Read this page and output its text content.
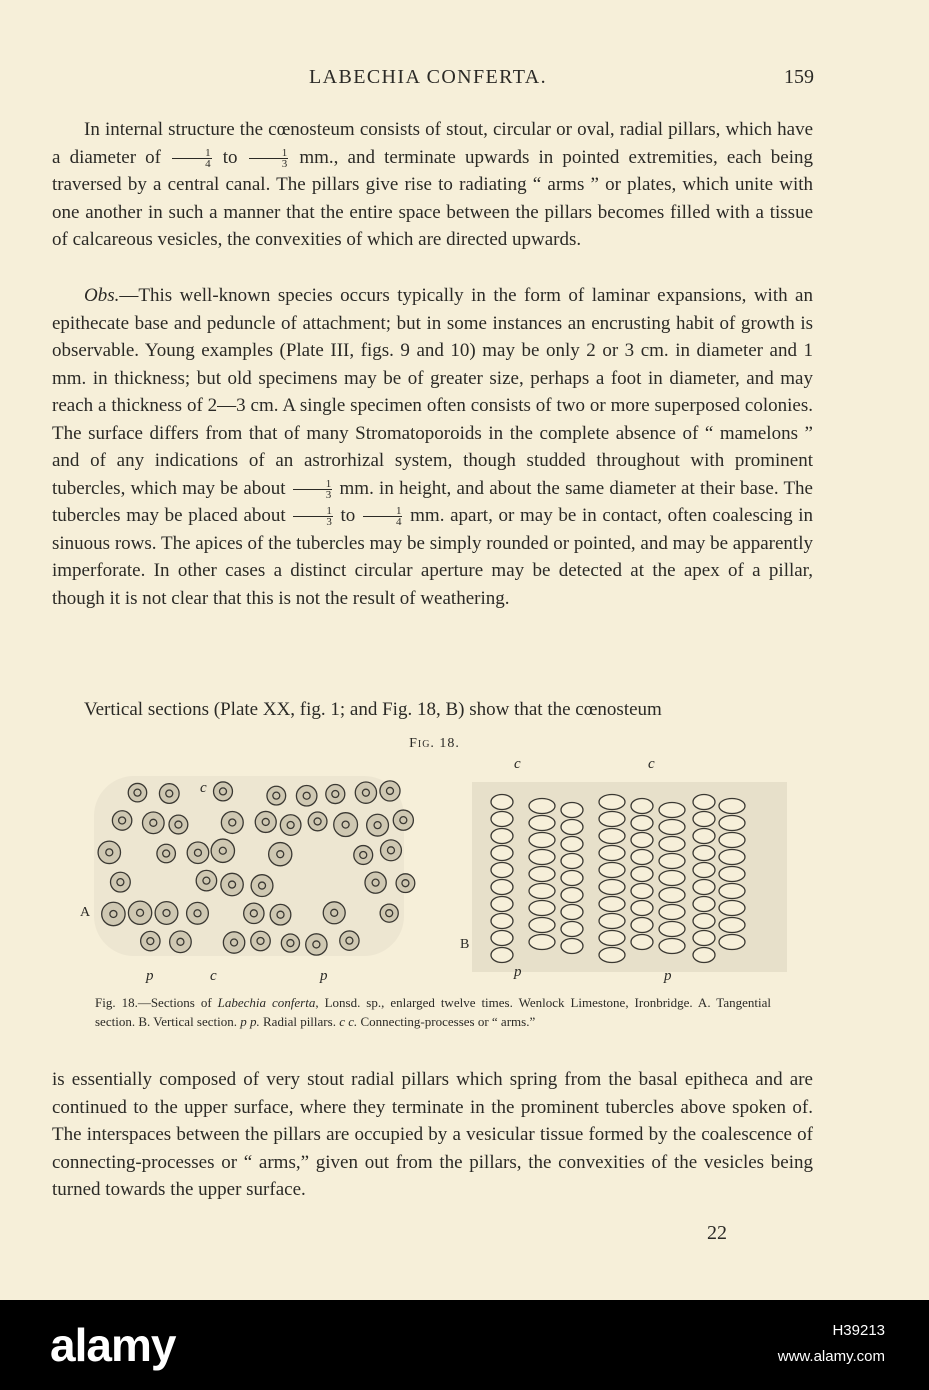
LABECHIA CONFERTA.	159

In internal structure the cœnosteum consists of stout, circular or oval, radial pillars, which have a diameter of $\frac{1}{4}$ to $\frac{1}{3}$ mm., and terminate upwards in pointed extremities, each being traversed by a central canal. The pillars give rise to radiating “ arms ” or plates, which unite with one another in such a manner that the entire space between the pillars becomes filled with a tissue of calcareous vesicles, the convexities of which are directed upwards.

Obs.—This well-known species occurs typically in the form of laminar expansions, with an epithecate base and peduncle of attachment; but in some instances an encrusting habit of growth is observable. Young examples (Plate III, figs. 9 and 10) may be only 2 or 3 cm. in diameter and 1 mm. in thickness; but old specimens may be of greater size, perhaps a foot in diameter, and may reach a thickness of 2—3 cm. A single specimen often consists of two or more superposed colonies. The surface differs from that of many Stromatoporoids in the complete absence of “ mamelons ” and of any indications of an astrorhizal system, though studded throughout with prominent tubercles, which may be about $\frac{1}{3}$ mm. in height, and about the same diameter at their base. The tubercles may be placed about $\frac{1}{3}$ to $\frac{1}{4}$ mm. apart, or may be in contact, often coalescing in sinuous rows. The apices of the tubercles may be simply rounded or pointed, and may be apparently imperforate. In other cases a distinct circular aperture may be detected at the apex of a pillar, though it is not clear that this is not the result of weathering.

Vertical sections (Plate XX, fig. 1; and Fig. 18, B) show that the cœnosteum

Fig. 18.
A
B
c
p	c	p
c	c
p	p
Fig. 18.—Sections of Labechia conferta, Lonsd. sp., enlarged twelve times. Wenlock Limestone, Ironbridge. A. Tangential section. B. Vertical section. p p. Radial pillars. c c. Connecting-processes or “ arms.”

is essentially composed of very stout radial pillars which spring from the basal epitheca and are continued to the upper surface, where they terminate in the prominent tubercles above spoken of. The interspaces between the pillars are occupied by a vesicular tissue formed by the coalescence of connecting-processes or “ arms,” given out from the pillars, the convexities of the vesicles being turned towards the upper surface.

22
alamy	H39213
www.alamy.com
